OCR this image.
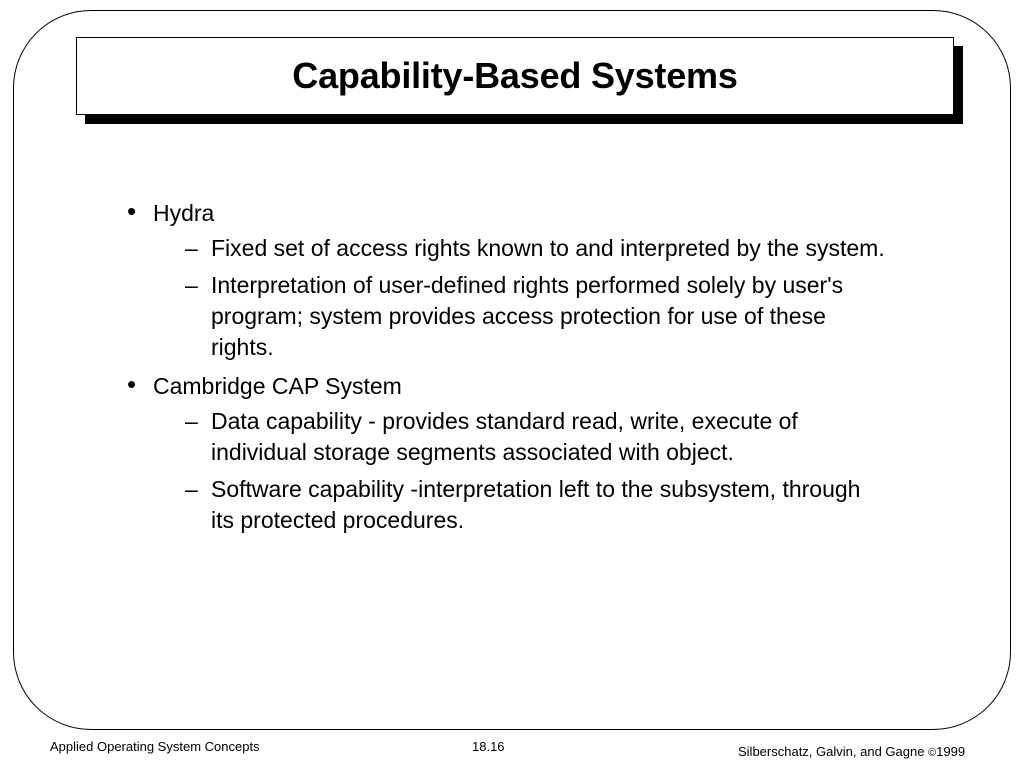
Capability-Based Systems
• Hydra
– Fixed set of access rights known to and interpreted by the system.
– Interpretation of user-defined rights performed solely by user's program; system provides access protection for use of these rights.
• Cambridge CAP System
– Data capability - provides standard read, write, execute of individual storage segments associated with object.
– Software capability -interpretation left to the subsystem, through its protected procedures.
Applied Operating System Concepts	18.16	Silberschatz, Galvin, and Gagne ©1999
